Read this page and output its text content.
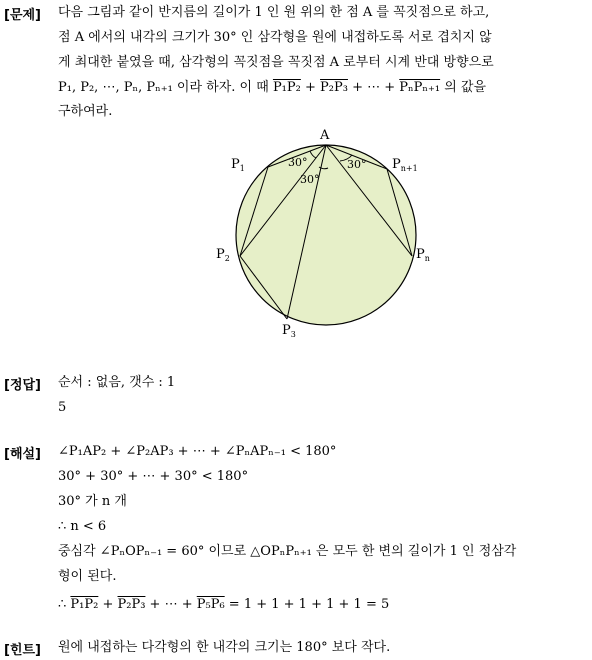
[문제] 다음 그림과 같이 반지름의 길이가 1 인 원 위의 한 점 A 를 꼭짓점으로 하고,
점 A 에서의 내각의 크기가 30° 인 삼각형을 원에 내접하도록 서로 겹치지 않
게 최대한 붙였을 때, 삼각형의 꼭짓점을 꼭짓점 A 로부터 시계 반대 방향으로
P₁, P₂, ⋯, Pₙ, Pₙ₊₁ 이라 하자. 이 때 P₁P₂ + P₂P₃ + ⋯ + PₙPₙ₊₁ 의 값을
구하여라.
A
$P_1$	$P_{n+1}$
$P_2$	$P_n$
$P_3$
30°
30°
30°
[정답] 순서 : 없음, 갯수 : 1
5
[해설] ∠P₁AP₂ + ∠P₂AP₃ + ⋯ + ∠PₙAPₙ₋₁ < 180°
30° + 30° + ⋯ + 30° < 180°
30° 가 n 개
∴ n < 6
중심각 ∠PₙOPₙ₋₁ = 60° 이므로 △OPₙPₙ₊₁ 은 모두 한 변의 길이가 1 인 정삼각
형이 된다.
∴ P₁P₂ + P₂P₃ + ⋯ + P₅P₆ = 1 + 1 + 1 + 1 + 1 = 5
[힌트] 원에 내접하는 다각형의 한 내각의 크기는 180° 보다 작다.
